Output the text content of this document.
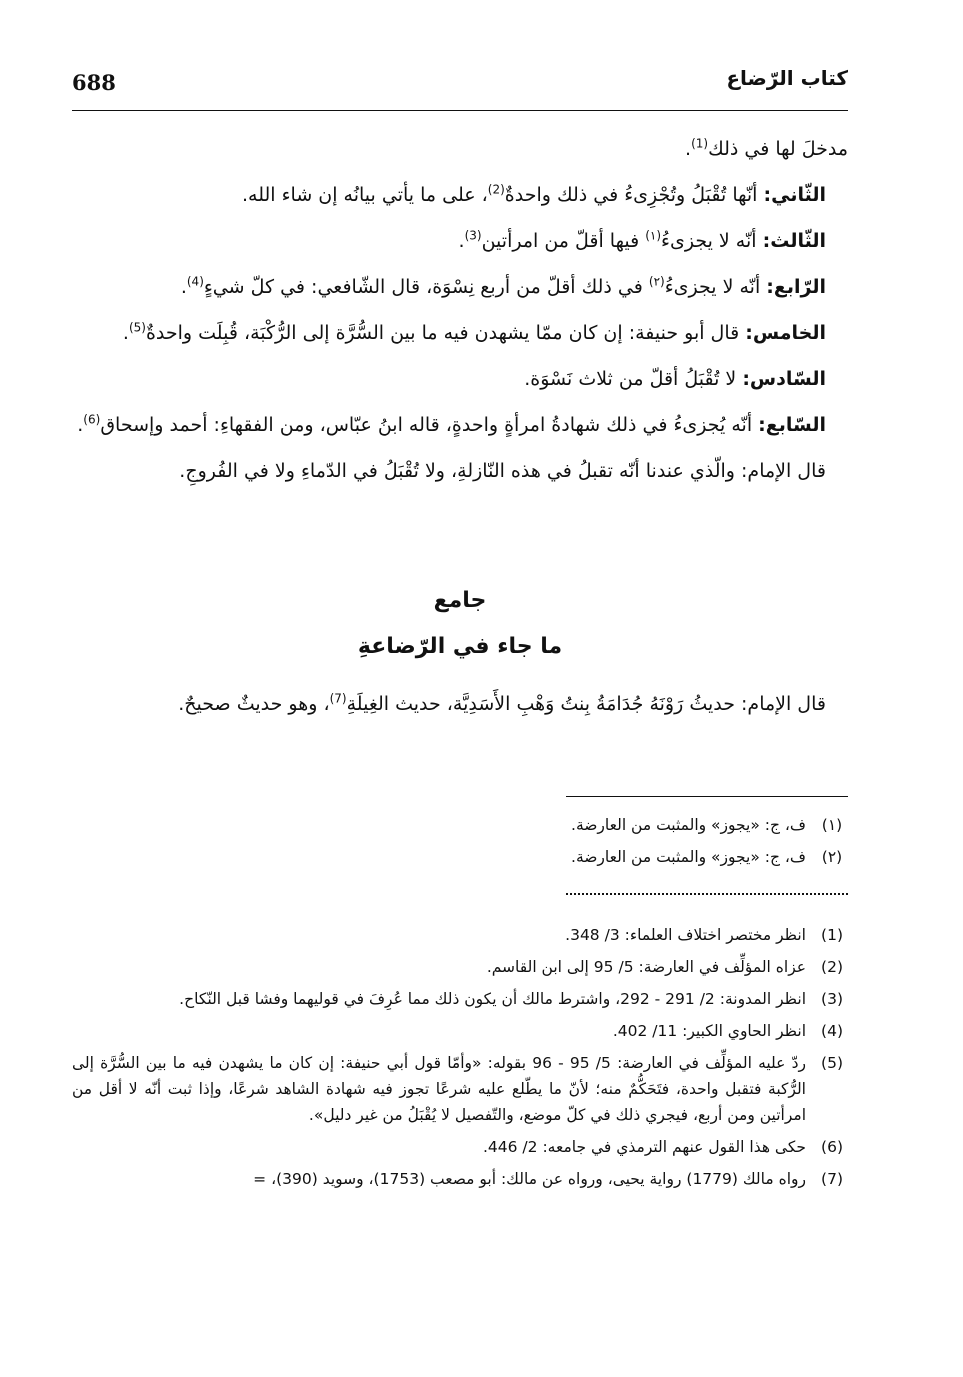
688	كتاب الرّضاع

مدخلَ لها في ذلك$^{(1)}$.

الثّاني: أنّها تُقْبَلُ وتُجْزِىءُ في ذلك واحدةٌ$^{(2)}$، على ما يأتي بيانُه إن شاء الله.

الثّالث: أنّه لا يجزىءُ$^{(١)}$ فيها أقلّ من امرأتين$^{(3)}$.

الرّابع: أنّه لا يجزىءُ$^{(٢)}$ في ذلك أقلّ من أربع نِسْوَة، قال الشّافعي: في كلّ شيءٍ$^{(4)}$.

الخامس: قال أبو حنيفة: إن كان ممّا يشهدن فيه ما بين السُّرَّة إلى الرُّكْبَة، قُبِلَت واحدةٌ$^{(5)}$.

السّادس: لا تُقْبَلُ أقلّ من ثلاث نَسْوَة.

السّابع: أنّه يُجزىءُ في ذلك شهادةُ امرأةٍ واحدةٍ، قاله ابنُ عبّاس، ومن الفقهاءِ: أحمد وإسحاق$^{(6)}$.

قال الإمام: والّذي عندنا أنّه تقبلُ في هذه النّازلةِ، ولا تُقْبَلُ في الدّماءِ ولا في الفُروجِ.

جامع
ما جاء في الرّضاعةِ
قال الإمام: حديثُ رَوْنَهُ جُدَامَةُ بِنتُ وَهْبِ الأَسَدِيَّة، حديث الغِيلَةِ$^{(7)}$، وهو حديثٌ صحيحٌ.
(١)
ف، ج: «يجوز» والمثبت من العارضة.
(٢)
ف، ج: «يجوز» والمثبت من العارضة.
(1)
انظر مختصر اختلاف العلماء: 3/ 348.
(2)
عزاه المؤلِّف في العارضة: 5/ 95 إلى ابن القاسم.
(3)
انظر المدونة: 2/ 291 - 292، واشترط مالك أن يكون ذلك مما عُرِفَ في قوليهما وفشا قبل النّكاح.
(4)
انظر الحاوي الكبير: 11/ 402.
(5)
ردّ عليه المؤلِّف في العارضة: 5/ 95 - 96 بقوله: «وأمّا قول أبي حنيفة: إن كان ما يشهدن فيه ما بين السُّرَّة إلى الرُّكبة فتقبل واحدة، فتَحَكُّمٌ منه؛ لأنّ ما يطّلع عليه شرعًا تجوز فيه شهادة الشاهد شرعًا، وإذا ثبت أنّه لا أقل من امرأتين ومن أربع، فيجري ذلك في كلّ موضع، والتّفصيل لا يُقْبَلُ من غير دليل».
(6)
حكى هذا القول عنهم الترمذي في جامعه: 2/ 446.
(7)
رواه مالك (1779) رواية يحيى، ورواه عن مالك: أبو مصعب (1753)، وسويد (390)، =
